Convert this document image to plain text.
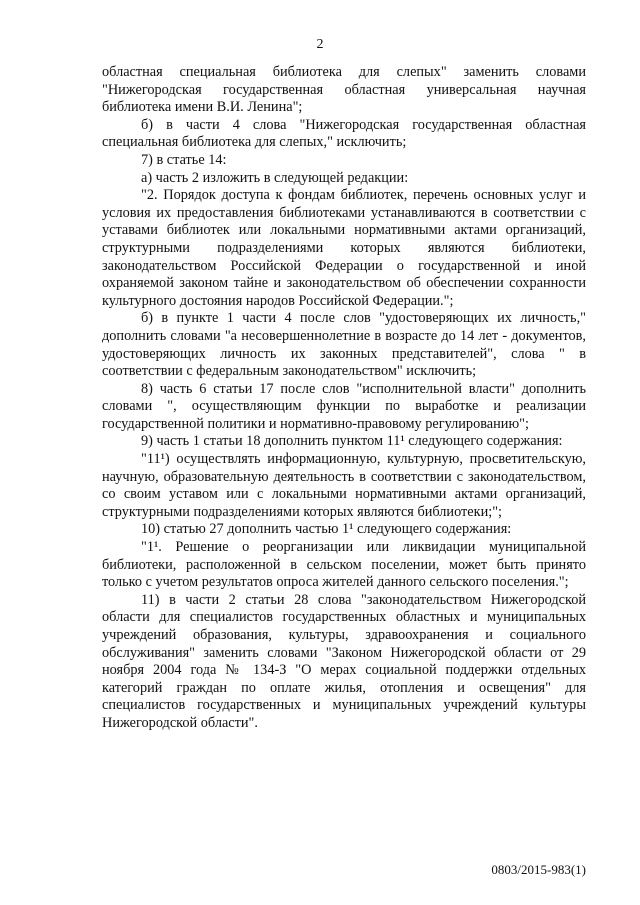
2

областная специальная библиотека для слепых" заменить словами "Нижегородская государственная областная универсальная научная библиотека имени В.И. Ленина";

б) в части 4 слова "Нижегородская государственная областная специальная библиотека для слепых," исключить;

7) в статье 14:

а) часть 2 изложить в следующей редакции:

"2. Порядок доступа к фондам библиотек, перечень основных услуг и условия их предоставления библиотеками устанавливаются в соответствии с уставами библиотек или локальными нормативными актами организаций, структурными подразделениями которых являются библиотеки, законодательством Российской Федерации о государственной и иной охраняемой законом тайне и законодательством об обеспечении сохранности культурного достояния народов Российской Федерации.";

б) в пункте 1 части 4 после слов "удостоверяющих их личность," дополнить словами "а несовершеннолетние в возрасте до 14 лет - документов, удостоверяющих личность их законных представителей", слова " в соответствии с федеральным законодательством" исключить;

8) часть 6 статьи 17 после слов "исполнительной власти" дополнить словами ", осуществляющим функции по выработке и реализации государственной политики и нормативно-правовому регулированию";

9) часть 1 статьи 18 дополнить пунктом 11¹ следующего содержания:

"11¹) осуществлять информационную, культурную, просветительскую, научную, образовательную деятельность в соответствии с законодательством, со своим уставом или с локальными нормативными актами организаций, структурными подразделениями которых являются библиотеки;";

10) статью 27 дополнить частью 1¹ следующего содержания:

"1¹. Решение о реорганизации или ликвидации муниципальной библиотеки, расположенной в сельском поселении, может быть принято только с учетом результатов опроса жителей данного сельского поселения.";

11) в части 2 статьи 28 слова "законодательством Нижегородской области для специалистов государственных областных и муниципальных учреждений образования, культуры, здравоохранения и социального обслуживания" заменить словами "Законом Нижегородской области от 29 ноября 2004 года № 134-З "О мерах социальной поддержки отдельных категорий граждан по оплате жилья, отопления и освещения" для специалистов государственных и муниципальных учреждений культуры Нижегородской области".

0803/2015-983(1)
